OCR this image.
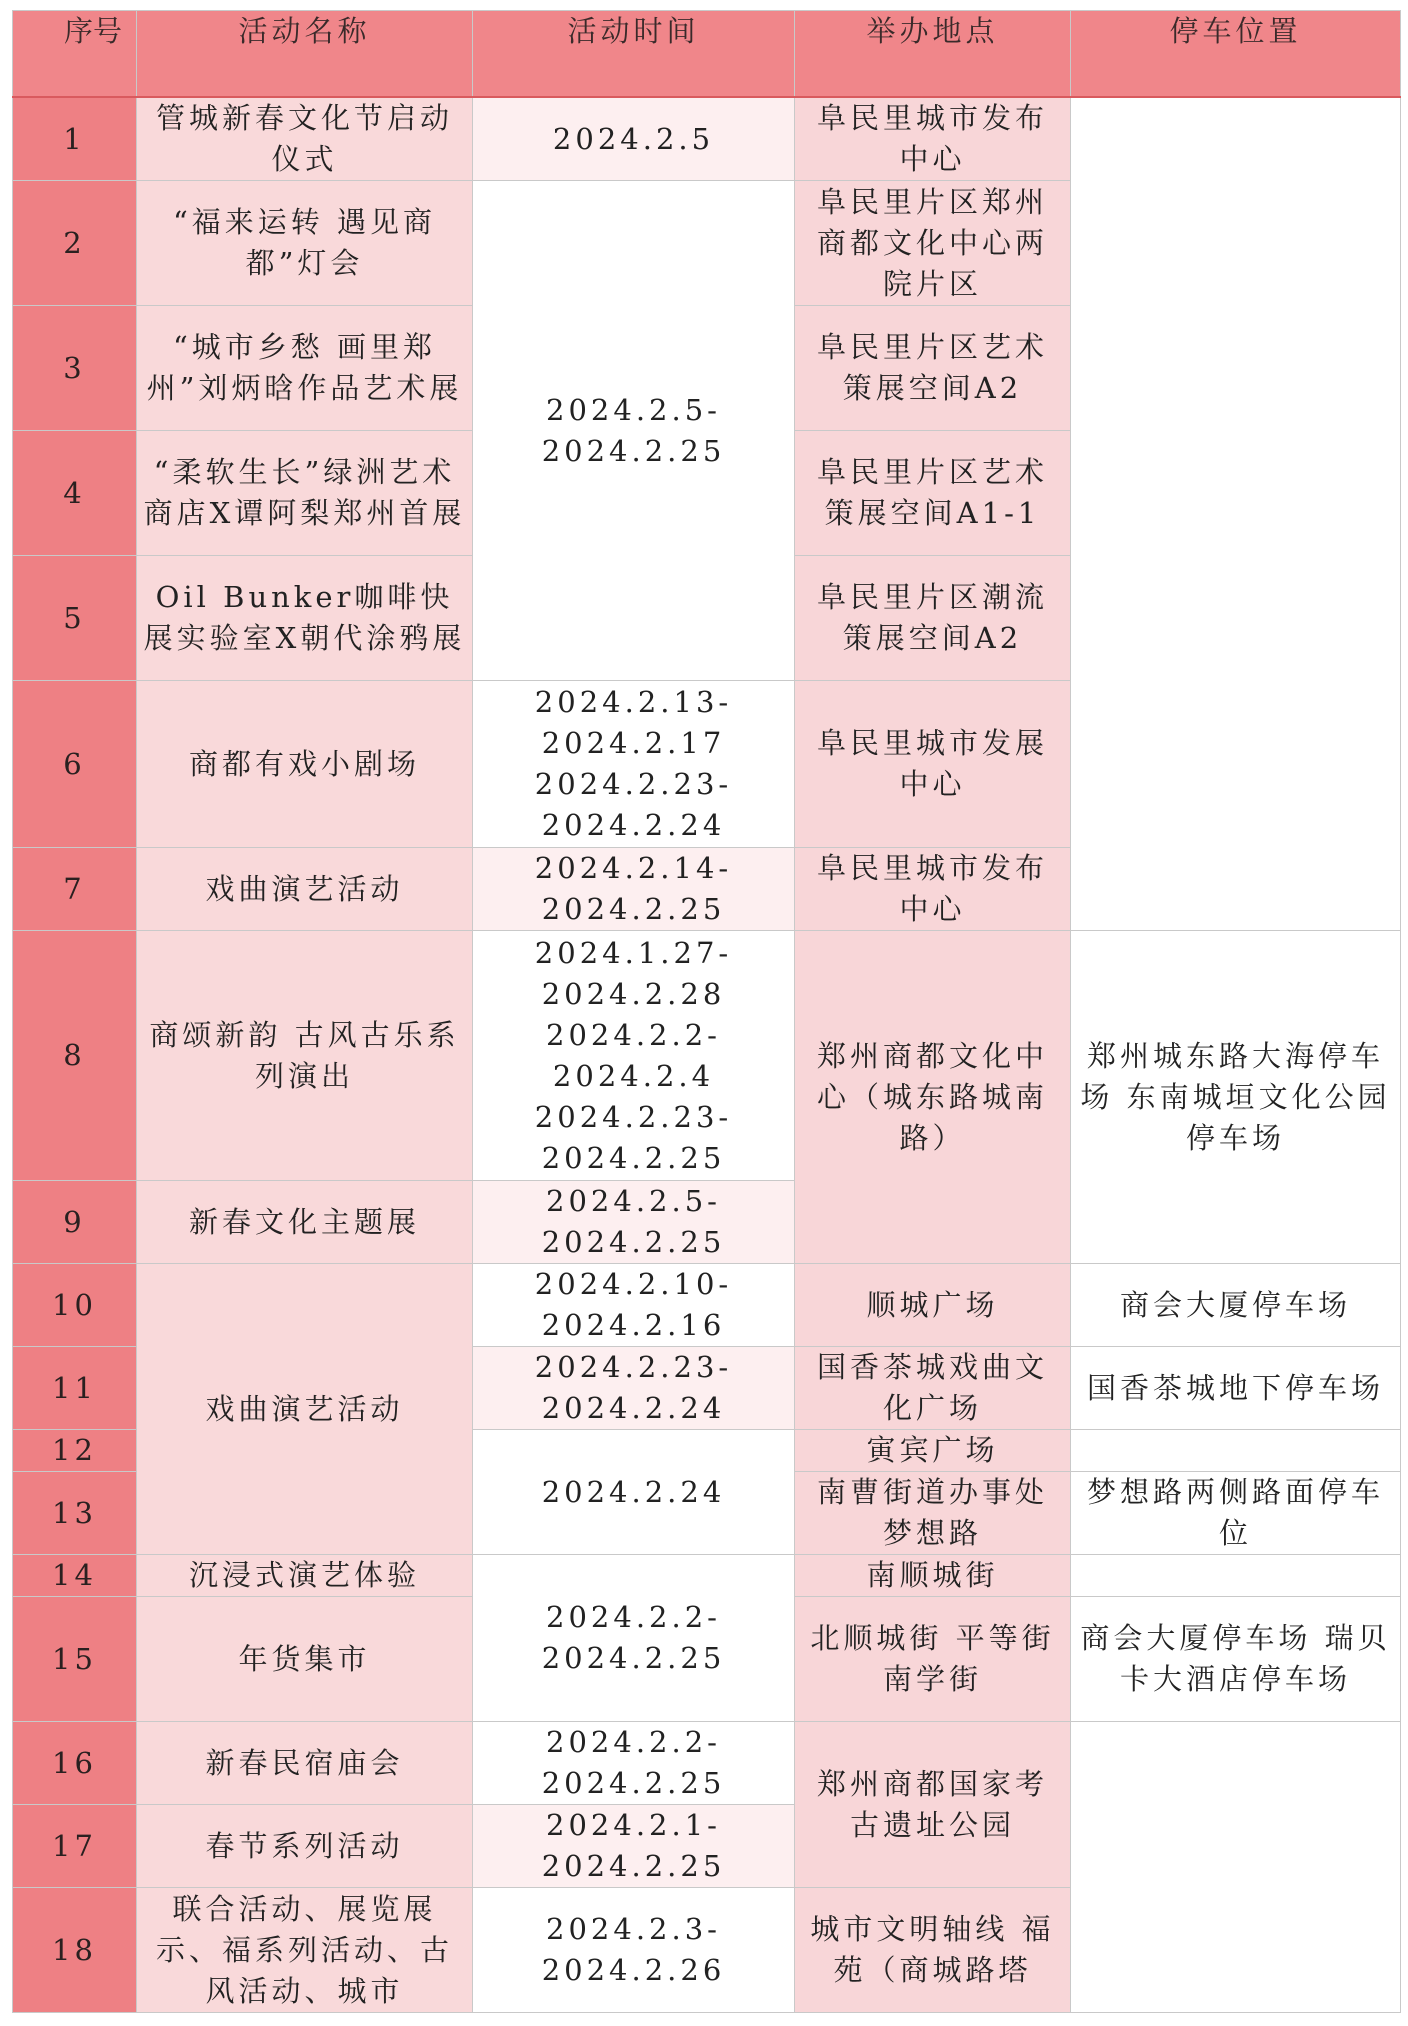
序号	活动名称	活动时间	举办地点	停车位置
1	管城新春文化节启动仪式	2024.2.5	阜民里城市发布中心	
2	“福来运转 遇见商都”灯会	2024.2.5-2024.2.25	阜民里片区郑州商都文化中心两院片区	
3	“城市乡愁 画里郑州”刘炳晗作品艺术展		阜民里片区艺术策展空间A2	
4	“柔软生长”绿洲艺术商店X谭阿梨郑州首展		阜民里片区艺术策展空间A1-1	
5	Oil Bunker咖啡快展实验室X朝代涂鸦展		阜民里片区潮流策展空间A2	
6	商都有戏小剧场	2024.2.13-2024.2.17 2024.2.23-2024.2.24	阜民里城市发展中心	
7	戏曲演艺活动	2024.2.14-2024.2.25	阜民里城市发布中心	
8	商颂新韵 古风古乐系列演出	2024.1.27-2024.2.28 2024.2.2-2024.2.4 2024.2.23-2024.2.25	郑州商都文化中心（城东路城南路）	郑州城东路大海停车场 东南城垣文化公园停车场
9	新春文化主题展	2024.2.5-2024.2.25		
10	戏曲演艺活动	2024.2.10-2024.2.16	顺城广场	商会大厦停车场
11		2024.2.23-2024.2.24	国香茶城戏曲文化广场	国香茶城地下停车场
12		2024.2.24	寅宾广场	
13			南曹街道办事处梦想路	梦想路两侧路面停车位
14	沉浸式演艺体验	2024.2.2-2024.2.25	南顺城街	
15	年货集市		北顺城街 平等街 南学街	商会大厦停车场 瑞贝卡大酒店停车场
16	新春民宿庙会	2024.2.2-2024.2.25	郑州商都国家考古遗址公园	
17	春节系列活动	2024.2.1-2024.2.25		
18	联合活动、展览展示、福系列活动、古风活动、城市	2024.2.3-2024.2.26	城市文明轴线 福苑（商城路塔	
